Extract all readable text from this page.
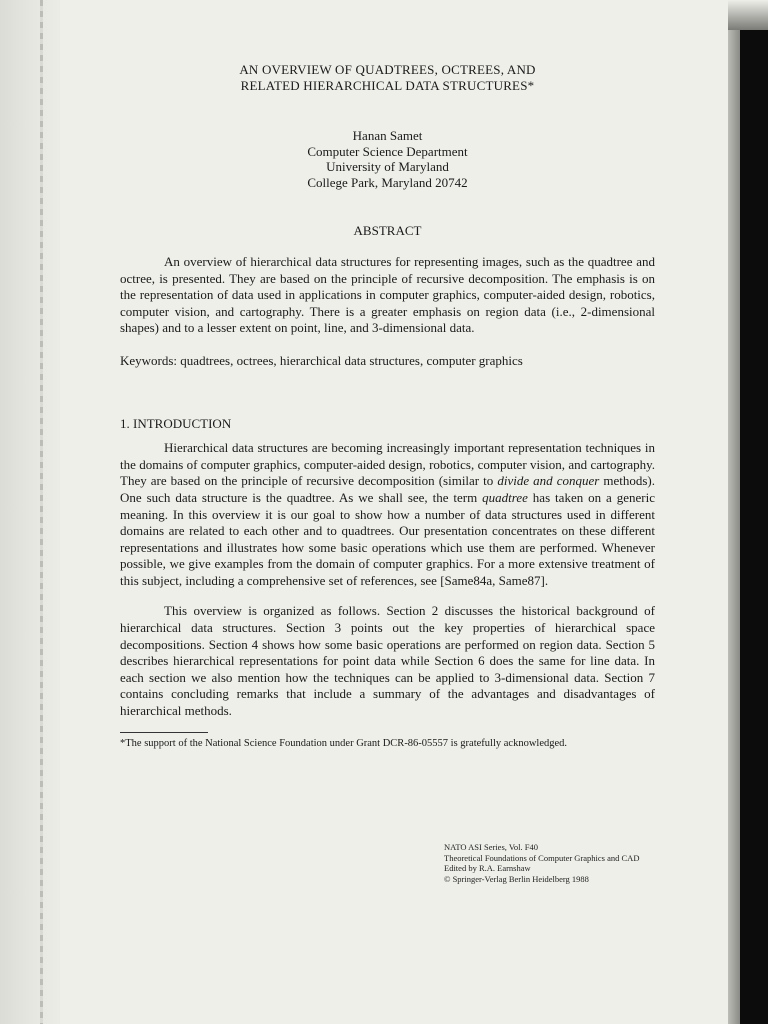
AN OVERVIEW OF QUADTREES, OCTREES, AND
RELATED HIERARCHICAL DATA STRUCTURES*
Hanan Samet
Computer Science Department
University of Maryland
College Park, Maryland 20742
ABSTRACT

An overview of hierarchical data structures for representing images, such as the quadtree and octree, is presented. They are based on the principle of recursive decomposition. The emphasis is on the representation of data used in applications in computer graphics, computer-aided design, robotics, computer vision, and cartography. There is a greater emphasis on region data (i.e., 2-dimensional shapes) and to a lesser extent on point, line, and 3-dimensional data.

Keywords: quadtrees, octrees, hierarchical data structures, computer graphics

1. INTRODUCTION

Hierarchical data structures are becoming increasingly important representation techniques in the domains of computer graphics, computer-aided design, robotics, computer vision, and cartography. They are based on the principle of recursive decomposition (similar to divide and conquer methods). One such data structure is the quadtree. As we shall see, the term quadtree has taken on a generic meaning. In this overview it is our goal to show how a number of data structures used in different domains are related to each other and to quadtrees. Our presentation concentrates on these different representations and illustrates how some basic operations which use them are performed. Whenever possible, we give examples from the domain of computer graphics. For a more extensive treatment of this subject, including a comprehensive set of references, see [Same84a, Same87].

This overview is organized as follows. Section 2 discusses the historical background of hierarchical data structures. Section 3 points out the key properties of hierarchical space decompositions. Section 4 shows how some basic operations are performed on region data. Section 5 describes hierarchical representations for point data while Section 6 does the same for line data. In each section we also mention how the techniques can be applied to 3-dimensional data. Section 7 contains concluding remarks that include a summary of the advantages and disadvantages of hierarchical methods.

*The support of the National Science Foundation under Grant DCR-86-05557 is gratefully acknowledged.

NATO ASI Series, Vol. F40
Theoretical Foundations of Computer Graphics and CAD
Edited by R.A. Earnshaw
© Springer-Verlag Berlin Heidelberg 1988
